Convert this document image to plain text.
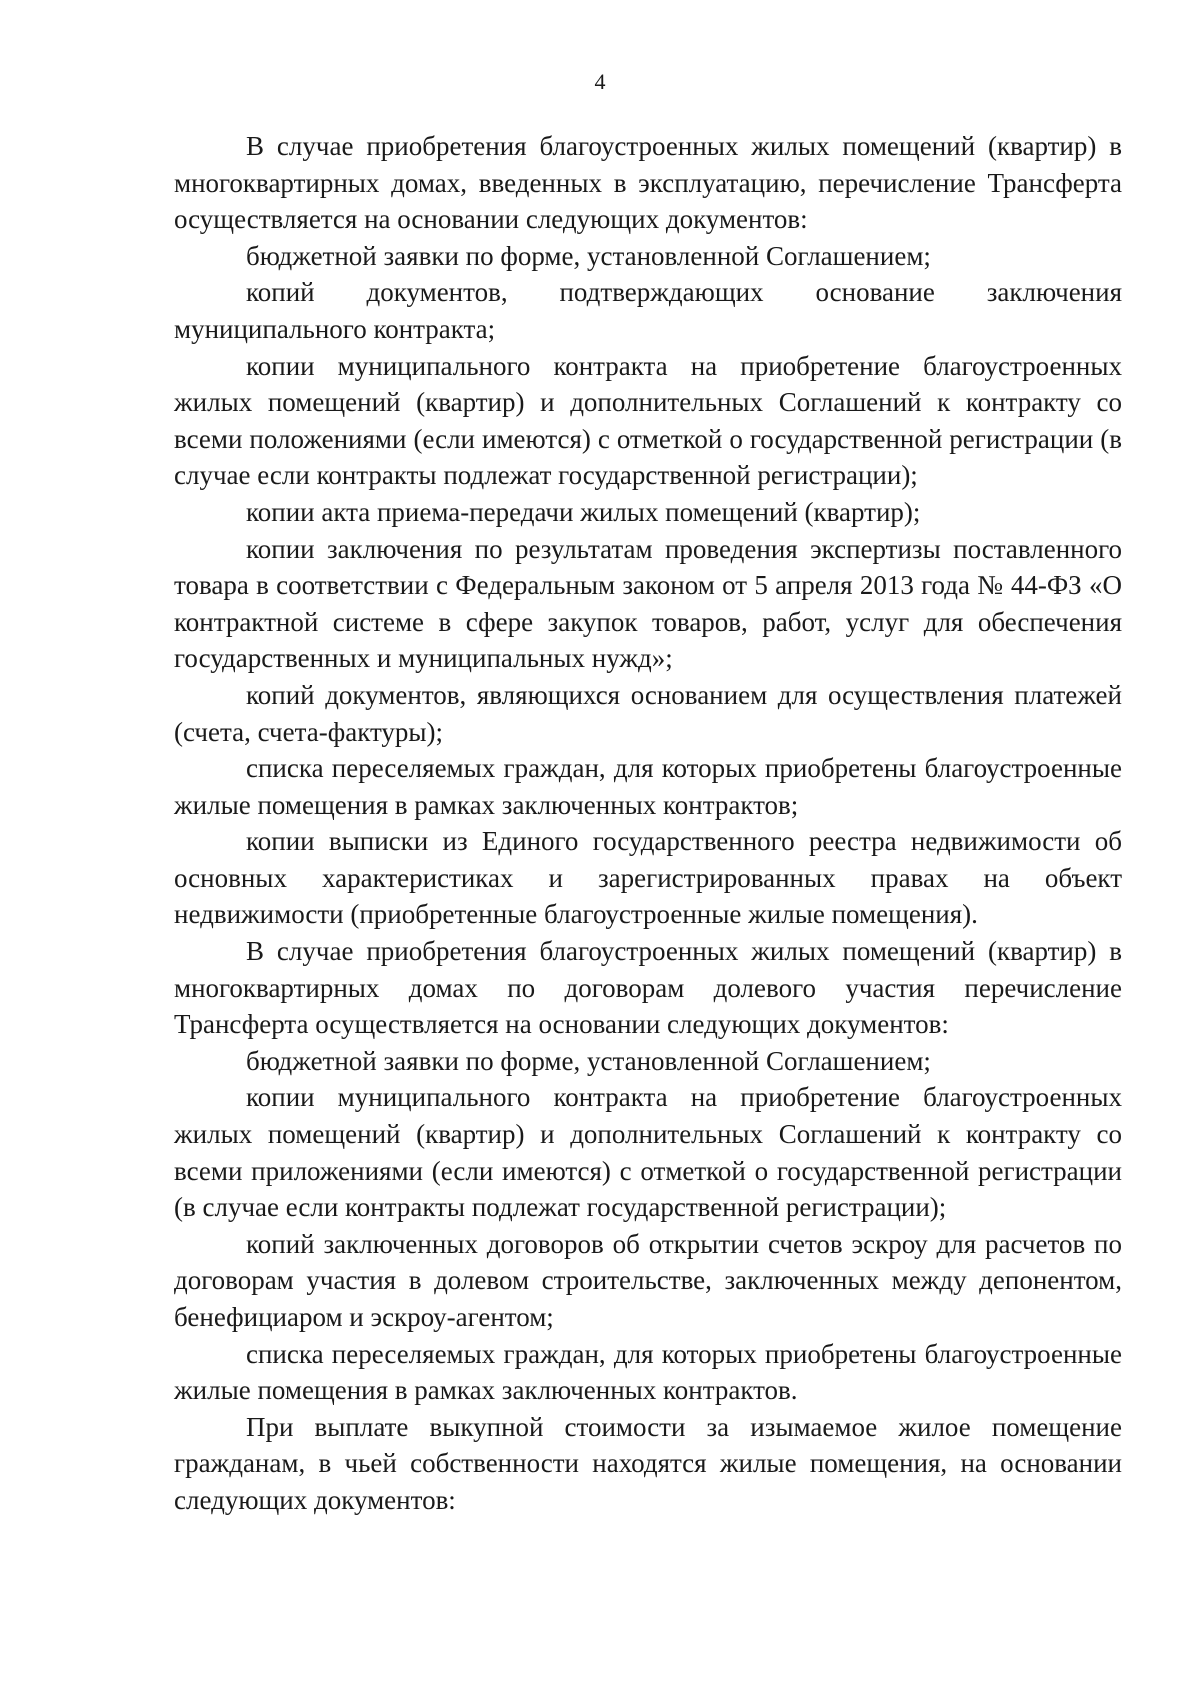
4

В случае приобретения благоустроенных жилых помещений (квартир) в многоквартирных домах, введенных в эксплуатацию, перечисление Трансферта осуществляется на основании следующих документов:

бюджетной заявки по форме, установленной Соглашением;

копий документов, подтверждающих основание заключения муниципального контракта;

копии муниципального контракта на приобретение благоустроенных жилых помещений (квартир) и дополнительных Соглашений к контракту со всеми положениями (если имеются) с отметкой о государственной регистрации (в случае если контракты подлежат государственной регистрации);

копии акта приема-передачи жилых помещений (квартир);

копии заключения по результатам проведения экспертизы поставленного товара в соответствии с Федеральным законом от 5 апреля 2013 года № 44-ФЗ «О контрактной системе в сфере закупок товаров, работ, услуг для обеспечения государственных и муниципальных нужд»;

копий документов, являющихся основанием для осуществления платежей (счета, счета-фактуры);

списка переселяемых граждан, для которых приобретены благоустроенные жилые помещения в рамках заключенных контрактов;

копии выписки из Единого государственного реестра недвижимости об основных характеристиках и зарегистрированных правах на объект недвижимости (приобретенные благоустроенные жилые помещения).

В случае приобретения благоустроенных жилых помещений (квартир) в многоквартирных домах по договорам долевого участия перечисление Трансферта осуществляется на основании следующих документов:

бюджетной заявки по форме, установленной Соглашением;

копии муниципального контракта на приобретение благоустроенных жилых помещений (квартир) и дополнительных Соглашений к контракту со всеми приложениями (если имеются) с отметкой о государственной регистрации (в случае если контракты подлежат государственной регистрации);

копий заключенных договоров об открытии счетов эскроу для расчетов по договорам участия в долевом строительстве, заключенных между депонентом, бенефициаром и эскроу-агентом;

списка переселяемых граждан, для которых приобретены благоустроенные жилые помещения в рамках заключенных контрактов.

При выплате выкупной стоимости за изымаемое жилое помещение гражданам, в чьей собственности находятся жилые помещения, на основании следующих документов:
